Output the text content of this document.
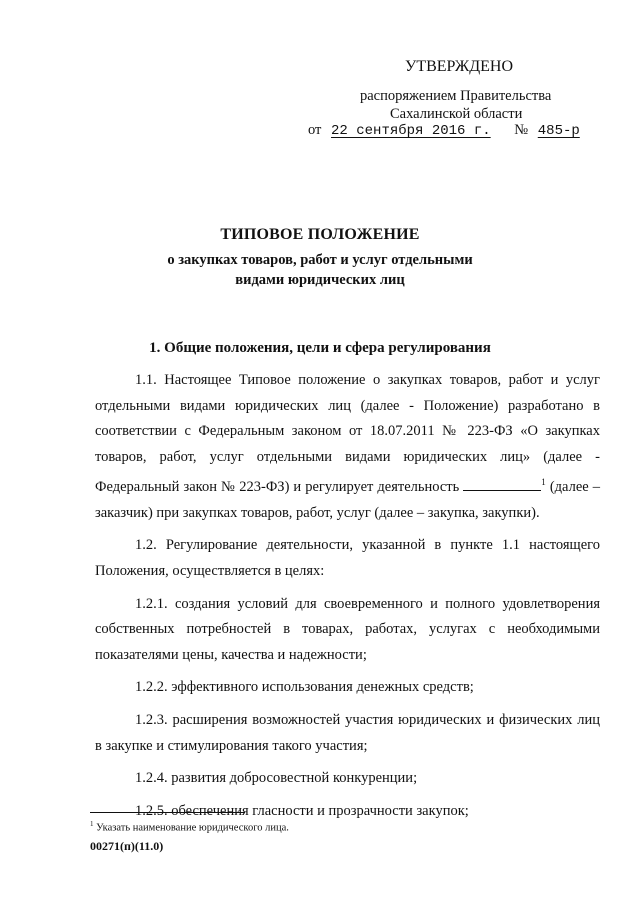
УТВЕРЖДЕНО
распоряжением Правительства
Сахалинской области
от 22 сентября 2016 г. № 485-р
ТИПОВОЕ ПОЛОЖЕНИЕ
о закупках товаров, работ и услуг отдельными
видами юридических лиц
1. Общие положения, цели и сфера регулирования

1.1. Настоящее Типовое положение о закупках товаров, работ и услуг отдельными видами юридических лиц (далее - Положение) разработано в соответствии с Федеральным законом от 18.07.2011 № 223-ФЗ «О закупках товаров, работ, услуг отдельными видами юридических лиц» (далее - Федеральный закон № 223-ФЗ) и регулирует деятельность	$^1$ (далее – заказчик) при закупках товаров, работ, услуг (далее – закупка, закупки).

1.2. Регулирование деятельности, указанной в пункте 1.1 настоящего Положения, осуществляется в целях:

1.2.1. создания условий для своевременного и полного удовлетворения собственных потребностей в товарах, работах, услугах с необходимыми показателями цены, качества и надежности;

1.2.2. эффективного использования денежных средств;

1.2.3. расширения возможностей участия юридических и физических лиц в закупке и стимулирования такого участия;

1.2.4. развития добросовестной конкуренции;

1.2.5. обеспечения гласности и прозрачности закупок;

$^1$ Указать наименование юридического лица.
00271(п)(11.0)
